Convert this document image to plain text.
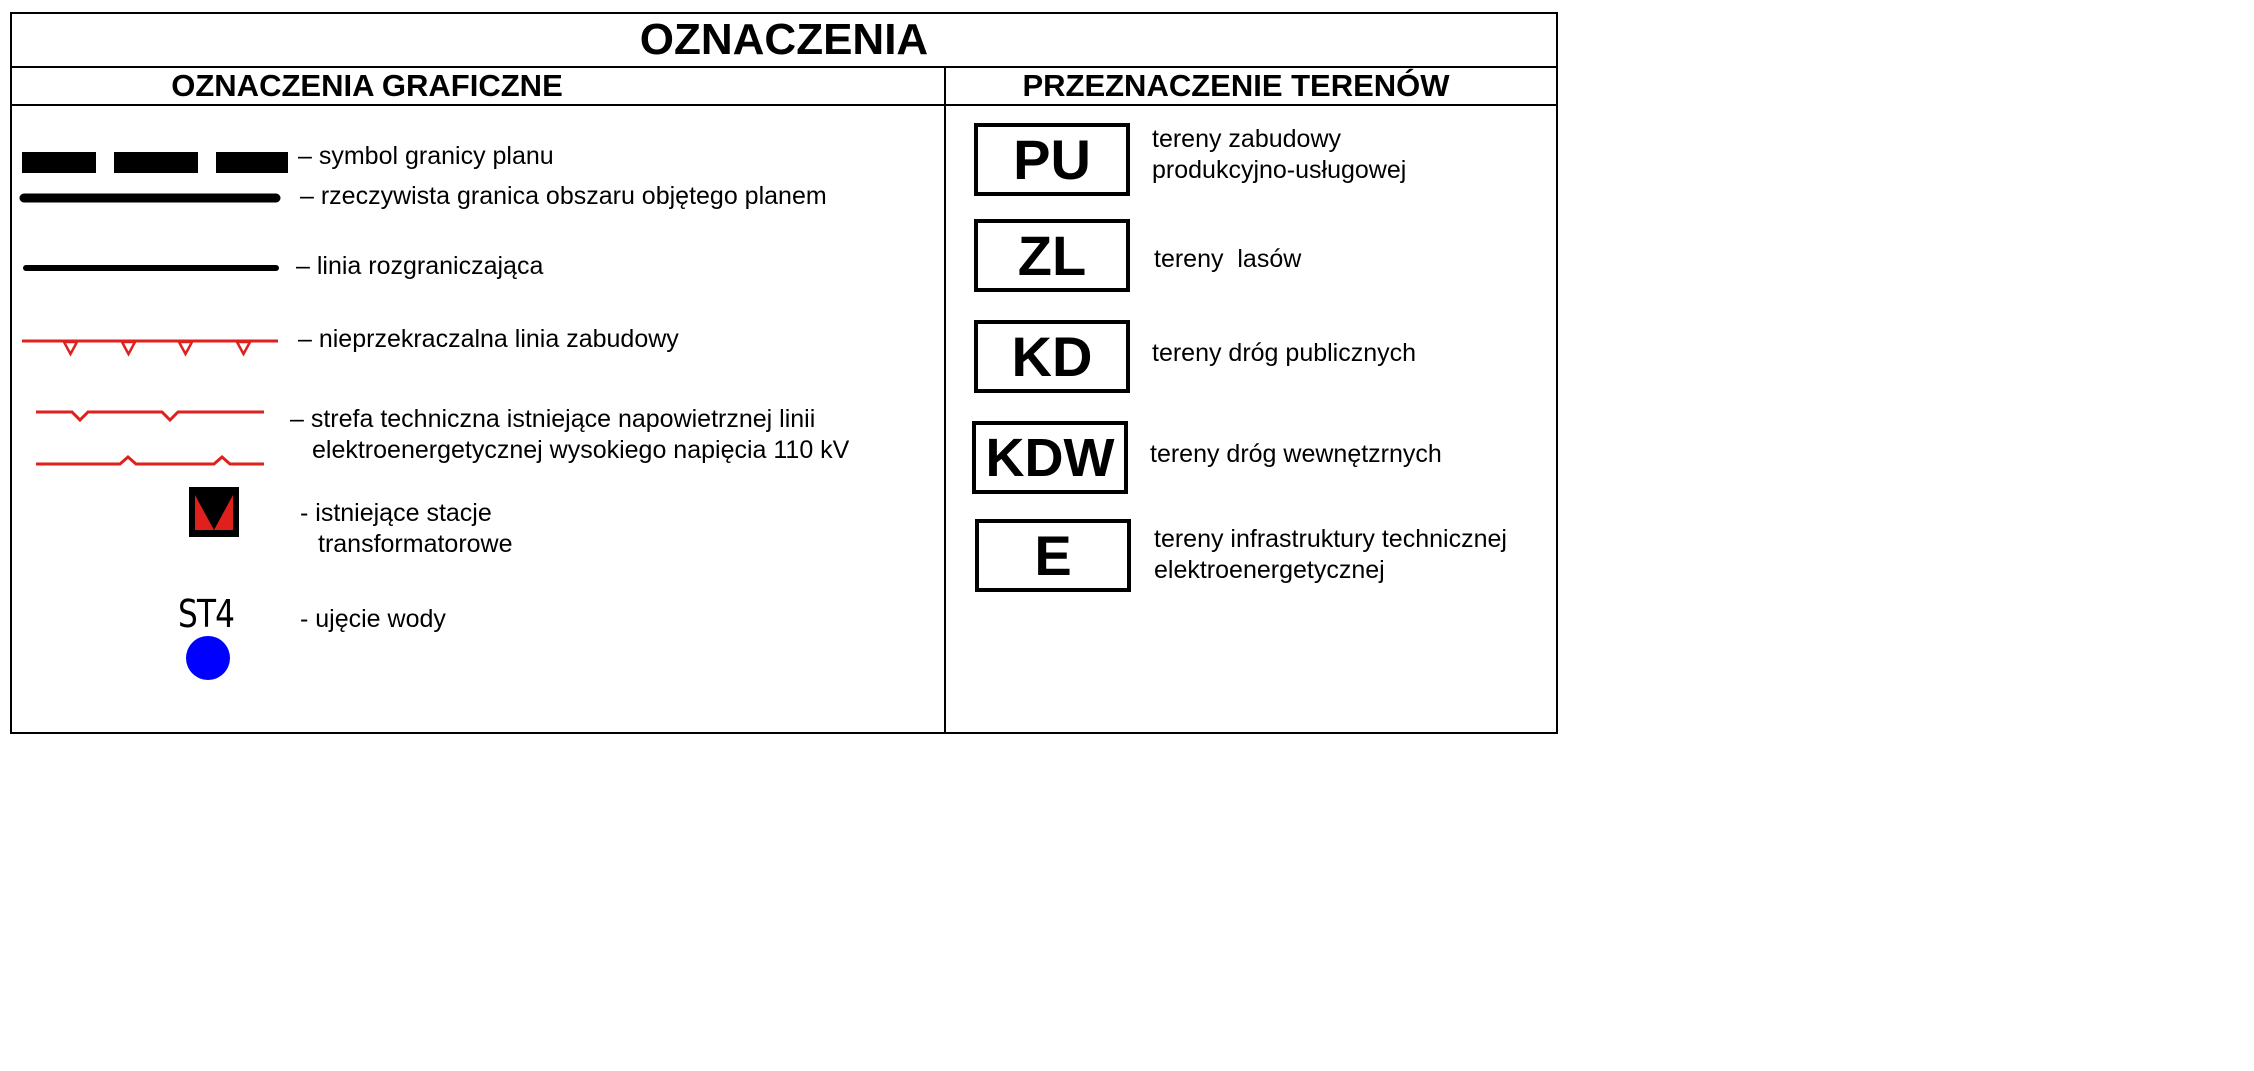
OZNACZENIA
OZNACZENIA GRAFICZNE	PRZEZNACZENIE TERENÓW
– symbol granicy planu
– rzeczywista granica obszaru objętego planem
– linia rozgraniczająca
– nieprzekraczalna linia zabudowy
– strefa techniczna istniejące napowietrznej linii
elektroenergetycznej wysokiego napięcia 110 kV
- istniejące stacje
transformatorowe
ST4	- ujęcie wody
PU	tereny zabudowy
produkcyjno-usługowej
ZL	tereny  lasów
KD	tereny dróg publicznych
KDW	tereny dróg wewnętzrnych
E	tereny infrastruktury technicznej
elektroenergetycznej
